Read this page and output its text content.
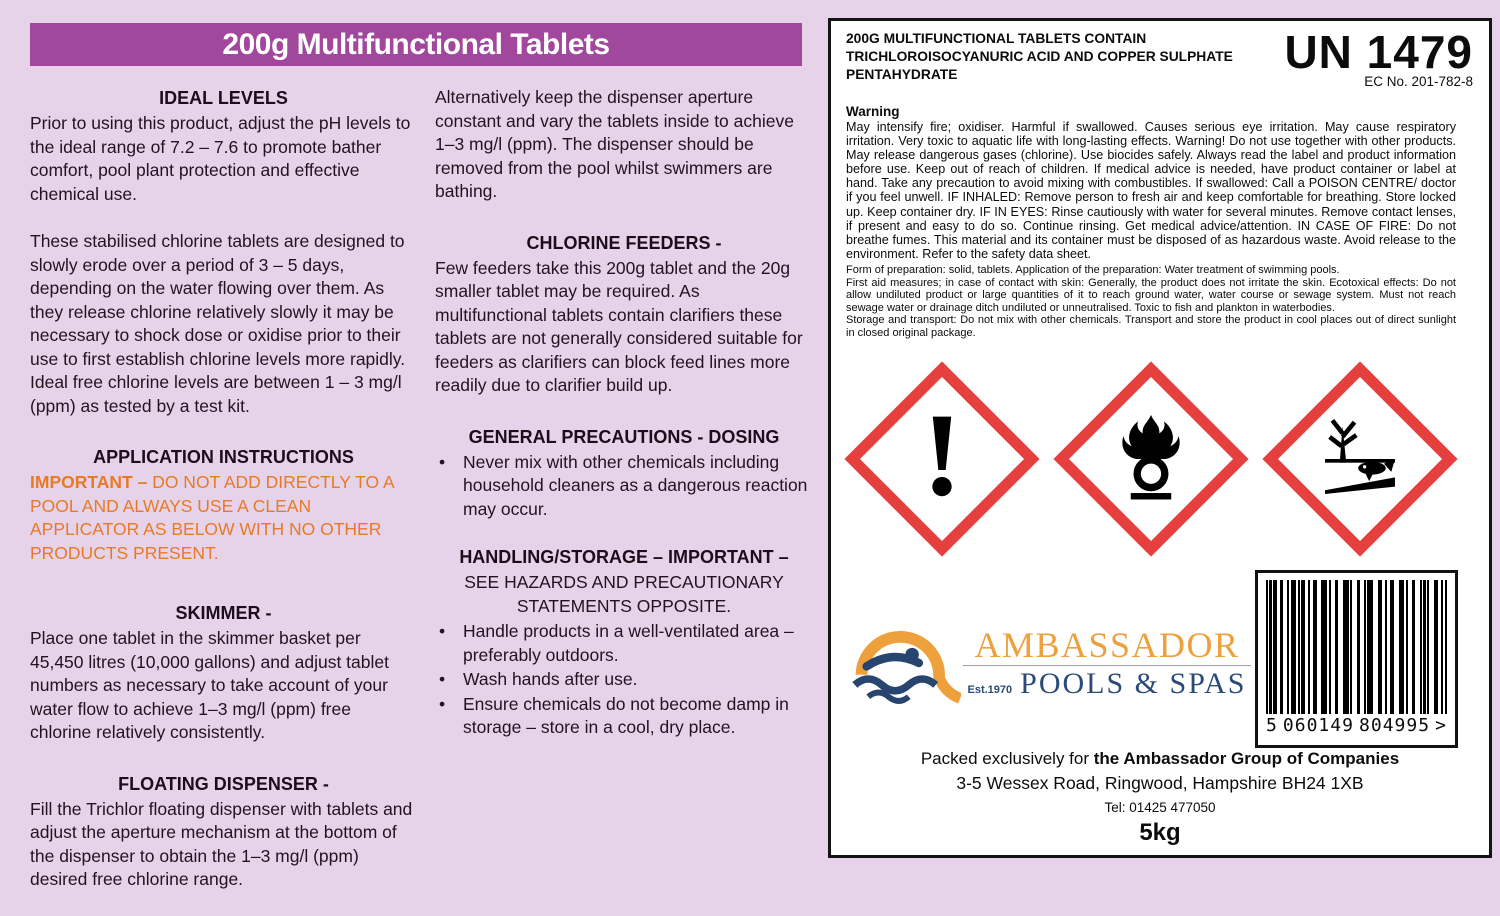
200g Multifunctional Tablets
IDEAL LEVELS
Prior to using this product, adjust the pH levels to the ideal range of 7.2 – 7.6 to promote bather comfort, pool plant protection and effective chemical use.
These stabilised chlorine tablets are designed to slowly erode over a period of 3 – 5 days, depending on the water flowing over them. As they release chlorine relatively slowly it may be necessary to shock dose or oxidise prior to their use to first establish chlorine levels more rapidly. Ideal free chlorine levels are between 1 – 3 mg/l (ppm) as tested by a test kit.
APPLICATION INSTRUCTIONS
IMPORTANT – DO NOT ADD DIRECTLY TO A POOL AND ALWAYS USE A CLEAN APPLICATOR AS BELOW WITH NO OTHER PRODUCTS PRESENT.
SKIMMER -
Place one tablet in the skimmer basket per 45,450 litres (10,000 gallons) and adjust tablet numbers as necessary to take account of your water flow to achieve 1–3 mg/l (ppm) free chlorine relatively consistently.
FLOATING DISPENSER -
Fill the Trichlor floating dispenser with tablets and adjust the aperture mechanism at the bottom of the dispenser to obtain the 1–3 mg/l (ppm) desired free chlorine range.
Alternatively keep the dispenser aperture constant and vary the tablets inside to achieve 1–3 mg/l (ppm). The dispenser should be removed from the pool whilst swimmers are bathing.
CHLORINE FEEDERS -
Few feeders take this 200g tablet and the 20g smaller tablet may be required. As multifunctional tablets contain clarifiers these tablets are not generally considered suitable for feeders as clarifiers can block feed lines more readily due to clarifier build up.
GENERAL PRECAUTIONS - DOSING
• Never mix with other chemicals including household cleaners as a dangerous reaction may occur.
HANDLING/STORAGE – IMPORTANT –
SEE HAZARDS AND PRECAUTIONARY STATEMENTS OPPOSITE.
• Handle products in a well-ventilated area – preferably outdoors.
• Wash hands after use.
• Ensure chemicals do not become damp in storage – store in a cool, dry place.
200G MULTIFUNCTIONAL TABLETS CONTAIN TRICHLOROISOCYANURIC ACID AND COPPER SULPHATE PENTAHYDRATE	UN 1479
EC No. 201-782-8
Warning
May intensify fire; oxidiser. Harmful if swallowed. Causes serious eye irritation. May cause respiratory irritation. Very toxic to aquatic life with long-lasting effects. Warning! Do not use together with other products. May release dangerous gases (chlorine). Use biocides safely. Always read the label and product information before use. Keep out of reach of children. If medical advice is needed, have product container or label at hand. Take any precaution to avoid mixing with combustibles. If swallowed: Call a POISON CENTRE/ doctor if you feel unwell. IF INHALED: Remove person to fresh air and keep comfortable for breathing. Store locked up. Keep container dry. IF IN EYES: Rinse cautiously with water for several minutes. Remove contact lenses, if present and easy to do so. Continue rinsing. Get medical advice/attention. IN CASE OF FIRE: Do not breathe fumes. This material and its container must be disposed of as hazardous waste. Avoid release to the environment. Refer to the safety data sheet.

Form of preparation: solid, tablets. Application of the preparation: Water treatment of swimming pools.

First aid measures; in case of contact with skin: Generally, the product does not irritate the skin. Ecotoxical effects: Do not allow undiluted product or large quantities of it to reach ground water, water course or sewage system. Must not reach sewage water or drainage ditch undiluted or unneutralised. Toxic to fish and plankton in waterbodies.

Storage and transport: Do not mix with other chemicals. Transport and store the product in cool places out of direct sunlight in closed original package.

5 060149 804995 >
AMBASSADOR
Est.1970 POOLS & SPAS
Packed exclusively for the Ambassador Group of Companies
3-5 Wessex Road, Ringwood, Hampshire BH24 1XB
Tel: 01425 477050
5kg
